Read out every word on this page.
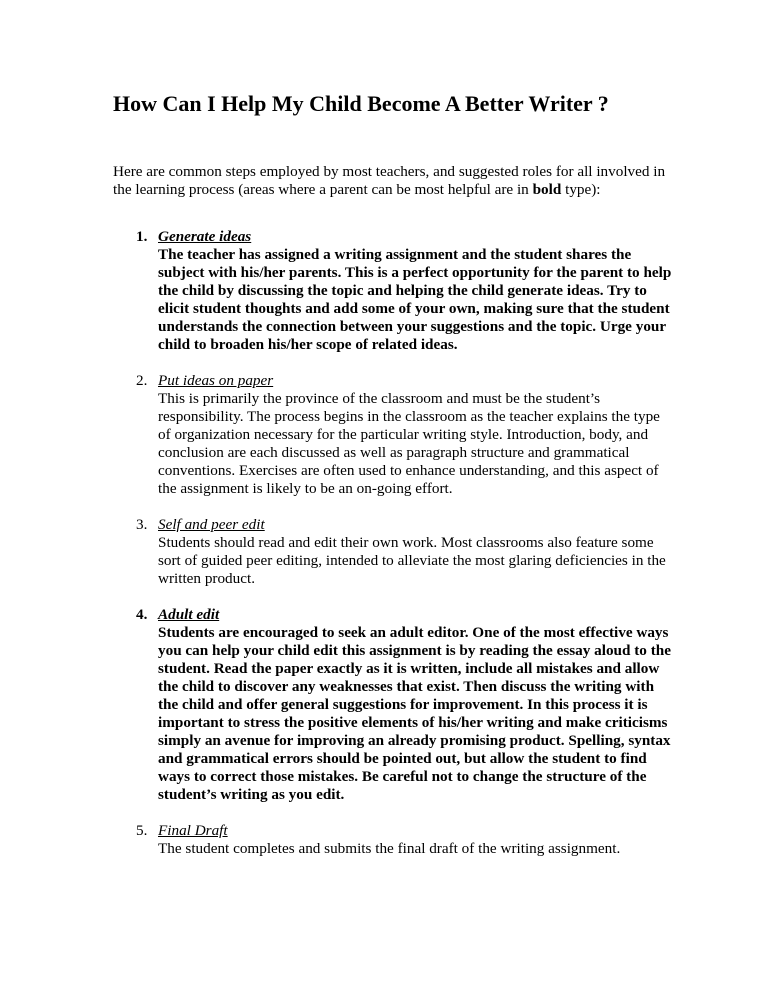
How Can I Help My Child Become A Better Writer ?

Here are common steps employed by most teachers, and suggested roles for all involved in the learning process (areas where a parent can be most helpful are in bold type):

1. Generate ideas
The teacher has assigned a writing assignment and the student shares the subject with his/her parents. This is a perfect opportunity for the parent to help the child by discussing the topic and helping the child generate ideas. Try to elicit student thoughts and add some of your own, making sure that the student understands the connection between your suggestions and the topic. Urge your child to broaden his/her scope of related ideas.
2. Put ideas on paper
This is primarily the province of the classroom and must be the student’s responsibility. The process begins in the classroom as the teacher explains the type of organization necessary for the particular writing style. Introduction, body, and conclusion are each discussed as well as paragraph structure and grammatical conventions. Exercises are often used to enhance understanding, and this aspect of the assignment is likely to be an on-going effort.
3. Self and peer edit
Students should read and edit their own work. Most classrooms also feature some sort of guided peer editing, intended to alleviate the most glaring deficiencies in the written product.
4. Adult edit
Students are encouraged to seek an adult editor. One of the most effective ways you can help your child edit this assignment is by reading the essay aloud to the student. Read the paper exactly as it is written, include all mistakes and allow the child to discover any weaknesses that exist. Then discuss the writing with the child and offer general suggestions for improvement. In this process it is important to stress the positive elements of his/her writing and make criticisms simply an avenue for improving an already promising product. Spelling, syntax and grammatical errors should be pointed out, but allow the student to find ways to correct those mistakes. Be careful not to change the structure of the student’s writing as you edit.
5. Final Draft
The student completes and submits the final draft of the writing assignment.
